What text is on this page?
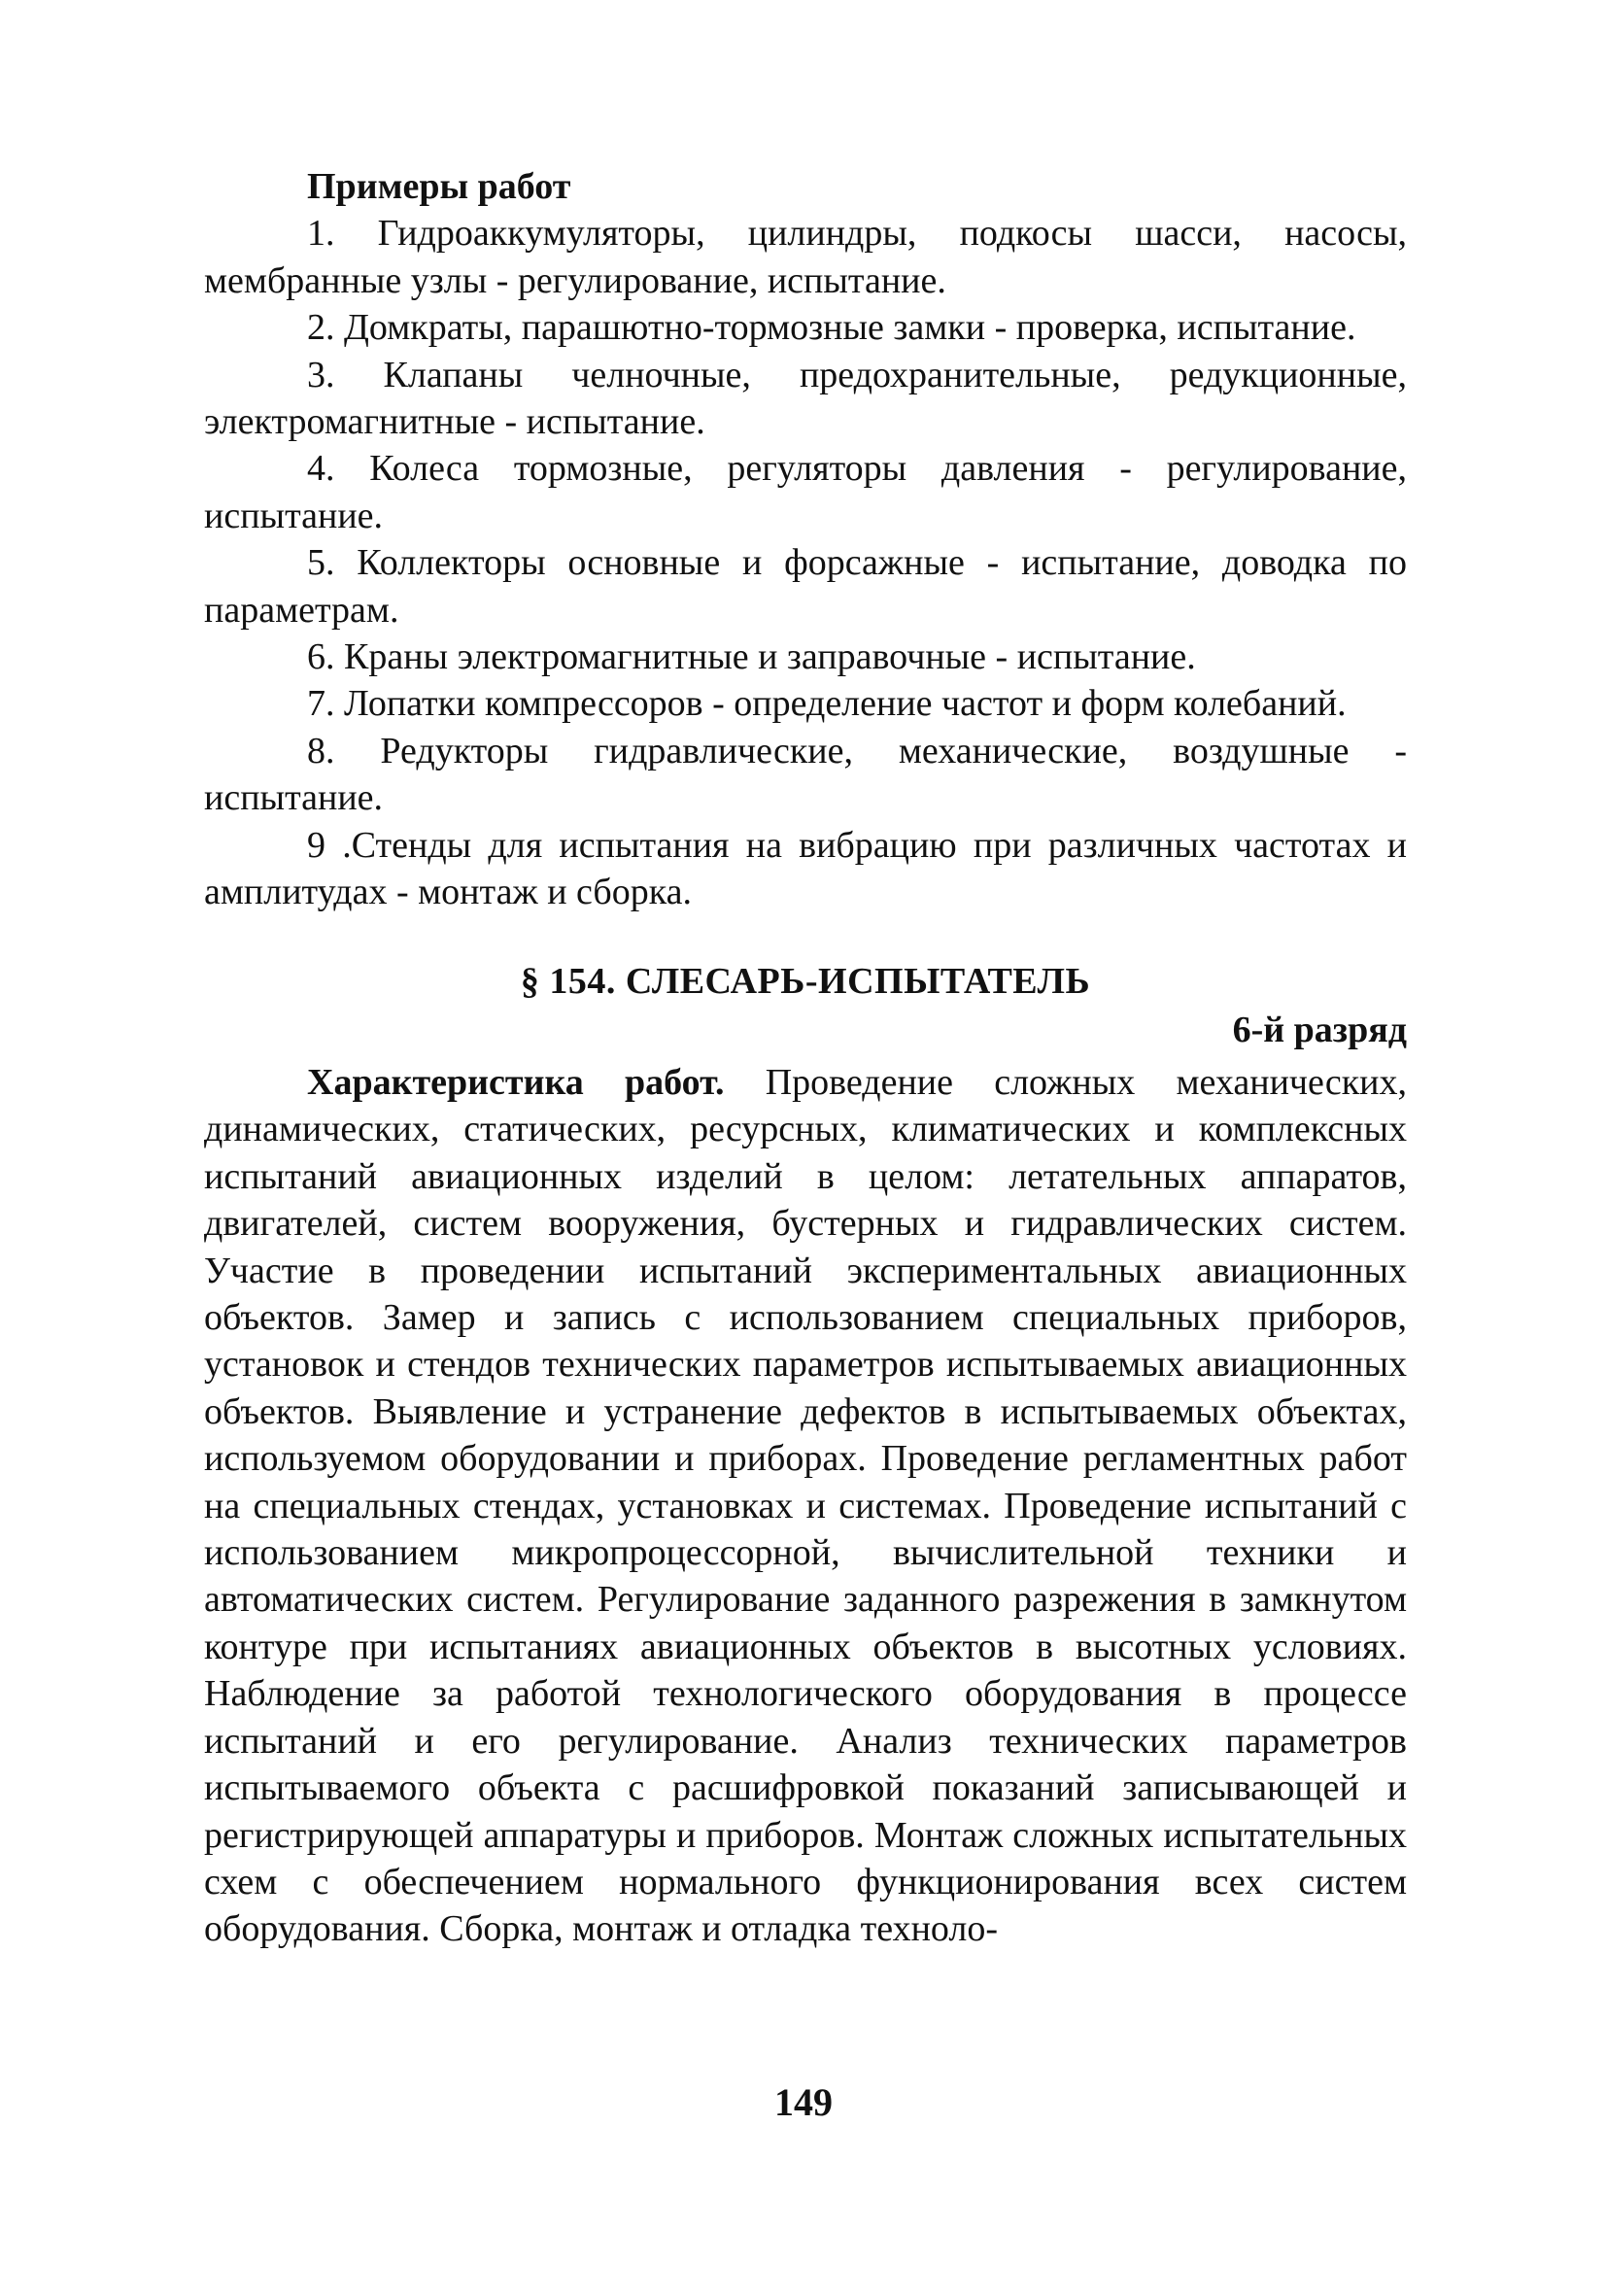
Примеры работ

1. Гидроаккумуляторы, цилиндры, подкосы шасси, насосы, мембранные узлы - регулирование, испытание.

2. Домкраты, парашютно-тормозные замки - проверка, испытание.

3. Клапаны челночные, предохранительные, редукционные, электромагнитные - испытание.

4. Колеса тормозные, регуляторы давления - регулирование, испытание.

5. Коллекторы основные и форсажные - испытание, доводка по параметрам.

6. Краны электромагнитные и заправочные - испытание.

7. Лопатки компрессоров - определение частот и форм колебаний.

8. Редукторы гидравлические, механические, воздушные - испытание.

9 .Стенды для испытания на вибрацию при различных частотах и амплитудах - монтаж и сборка.

§ 154. СЛЕСАРЬ-ИСПЫТАТЕЛЬ
6-й разряд

Характеристика работ. Проведение сложных механических, динамических, статических, ресурсных, климатических и комплексных испытаний авиационных изделий в целом: летательных аппаратов, двигателей, систем вооружения, бустерных и гидравлических систем. Участие в проведении испытаний экспериментальных авиационных объектов. Замер и запись с использованием специальных приборов, установок и стендов технических параметров испытываемых авиационных объектов. Выявление и устранение дефектов в испытываемых объектах, используемом оборудовании и приборах. Проведение регламентных работ на специальных стендах, установках и системах. Проведение испытаний с использованием микропроцессорной, вычислительной техники и автоматических систем. Регулирование заданного разрежения в замкнутом контуре при испытаниях авиационных объектов в высотных условиях. Наблюдение за работой технологического оборудования в процессе испытаний и его регулирование. Анализ технических параметров испытываемого объекта с расшифровкой показаний записывающей и регистрирующей аппаратуры и приборов. Монтаж сложных испытательных схем с обеспечением нормального функционирования всех систем оборудования. Сборка, монтаж и отладка техноло-

149
